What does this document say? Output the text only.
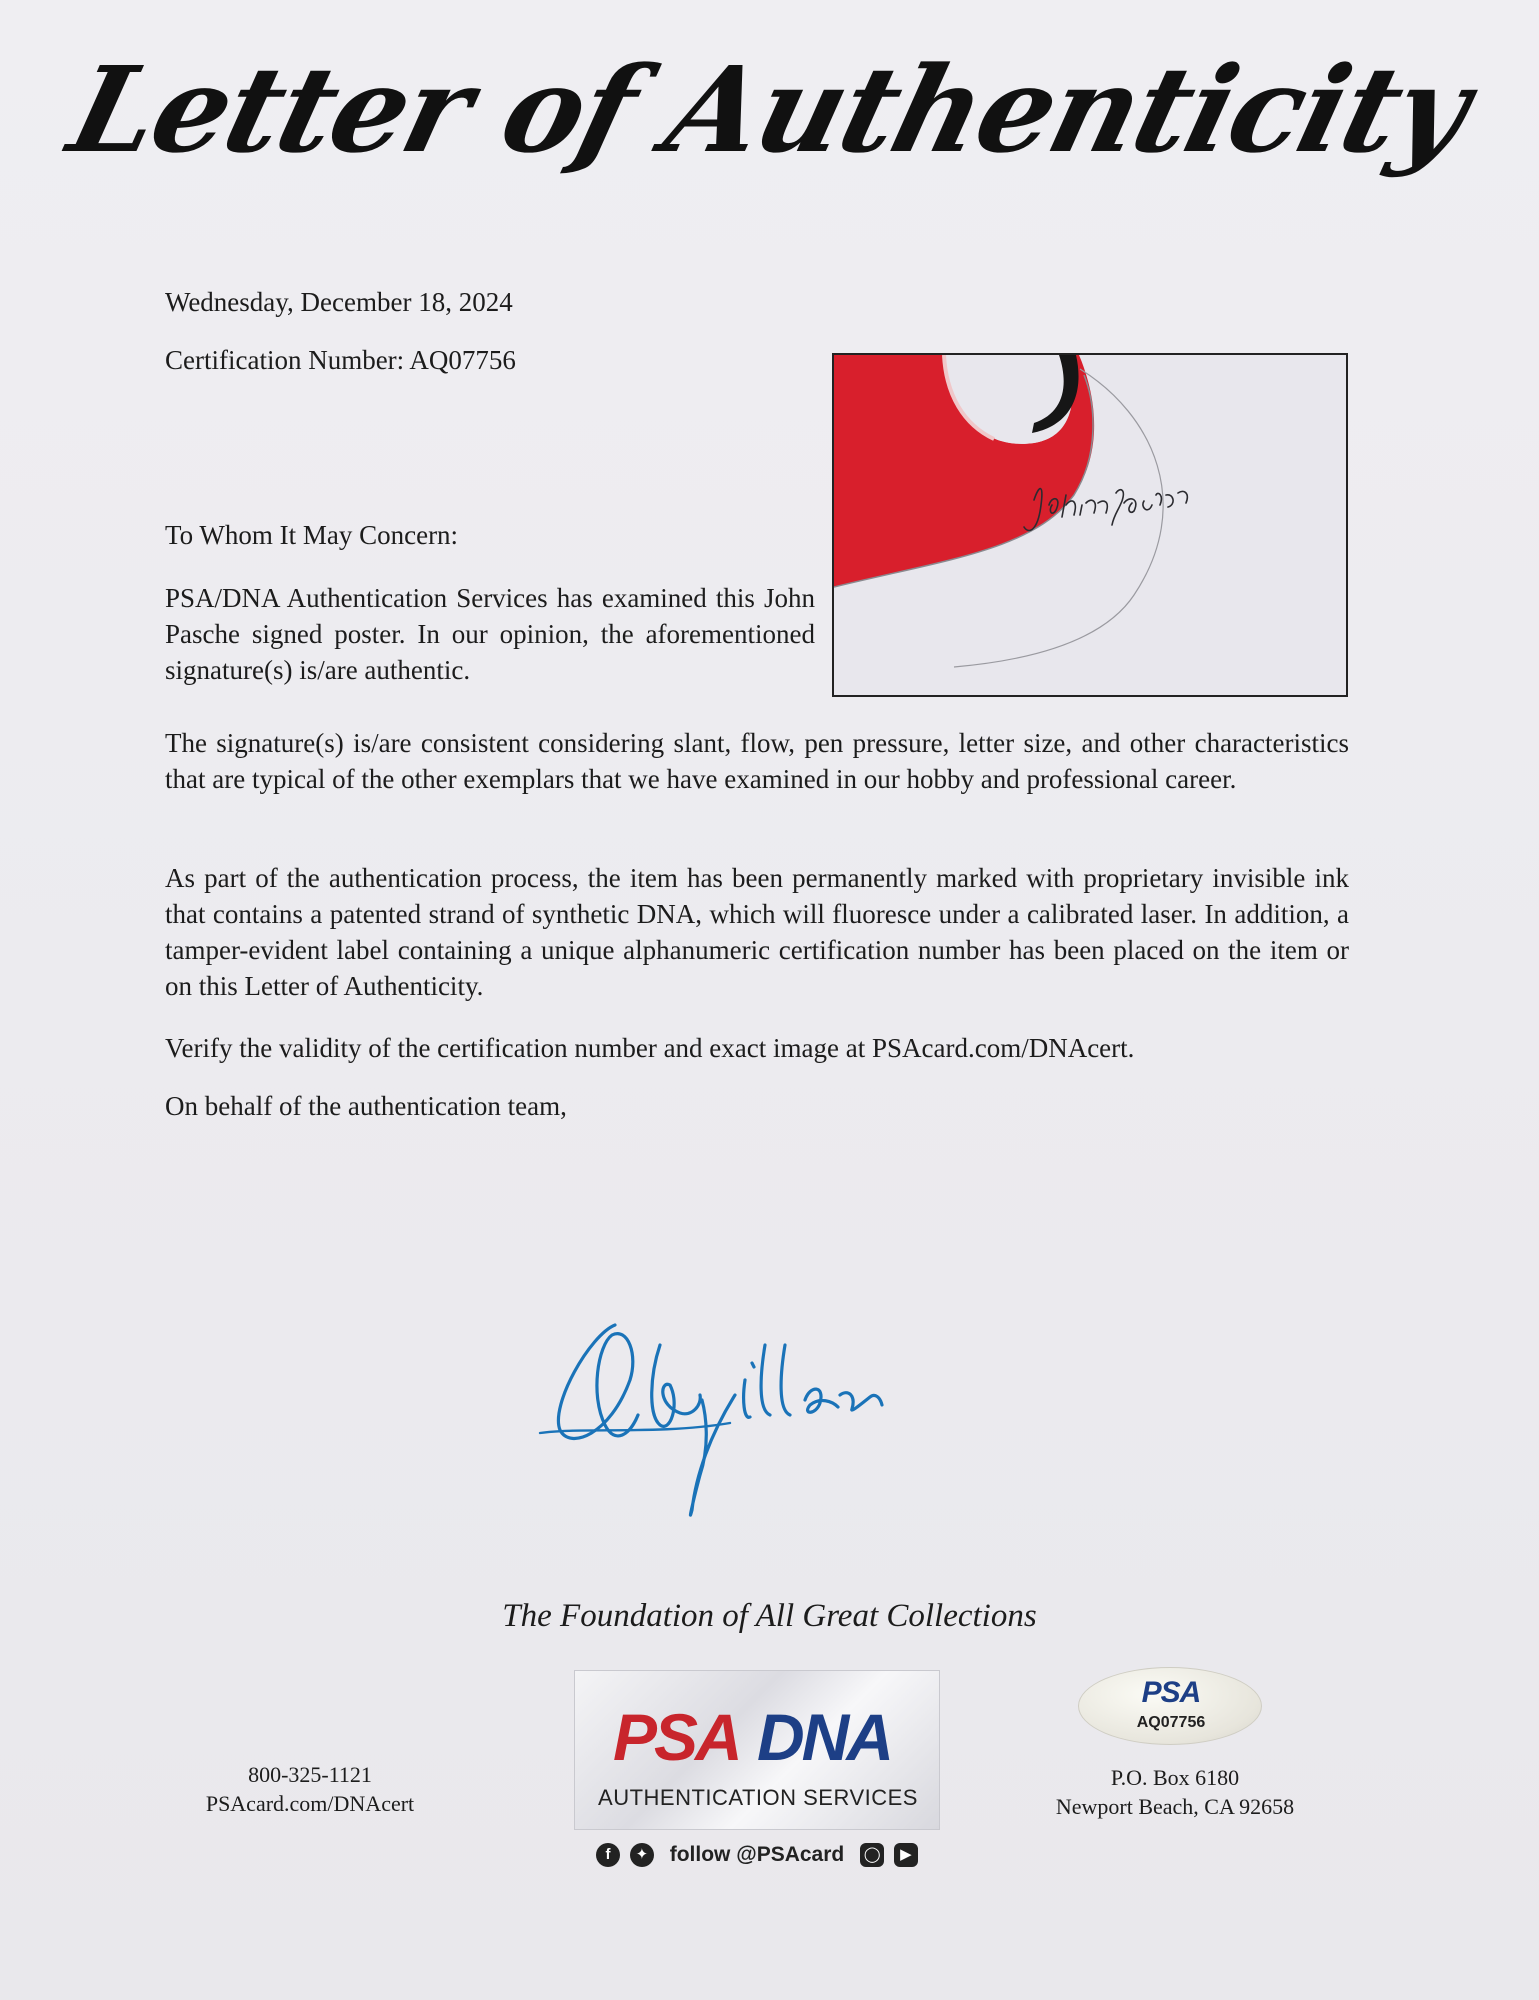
Letter of Authenticity
Wednesday, December 18, 2024
Certification Number: AQ07756
To Whom It May Concern:
PSA/DNA Authentication Services has examined this John Pasche signed poster. In our opinion, the aforementioned signature(s) is/are authentic.
The signature(s) is/are consistent considering slant, flow, pen pressure, letter size, and other characteristics that are typical of the other exemplars that we have examined in our hobby and professional career.
As part of the authentication process, the item has been permanently marked with proprietary invisible ink that contains a patented strand of synthetic DNA, which will fluoresce under a calibrated laser. In addition, a tamper-evident label containing a unique alphanumeric certification number has been placed on the item or on this Letter of Authenticity.
Verify the validity of the certification number and exact image at PSAcard.com/DNAcert.
On behalf of the authentication team,
The Foundation of All Great Collections
800-325-1121
PSAcard.com/DNAcert
PSA DNA
AUTHENTICATION SERVICES
f ✦ follow @PSAcard ◯ ▶
PSA
AQ07756
P.O. Box 6180
Newport Beach, CA 92658
